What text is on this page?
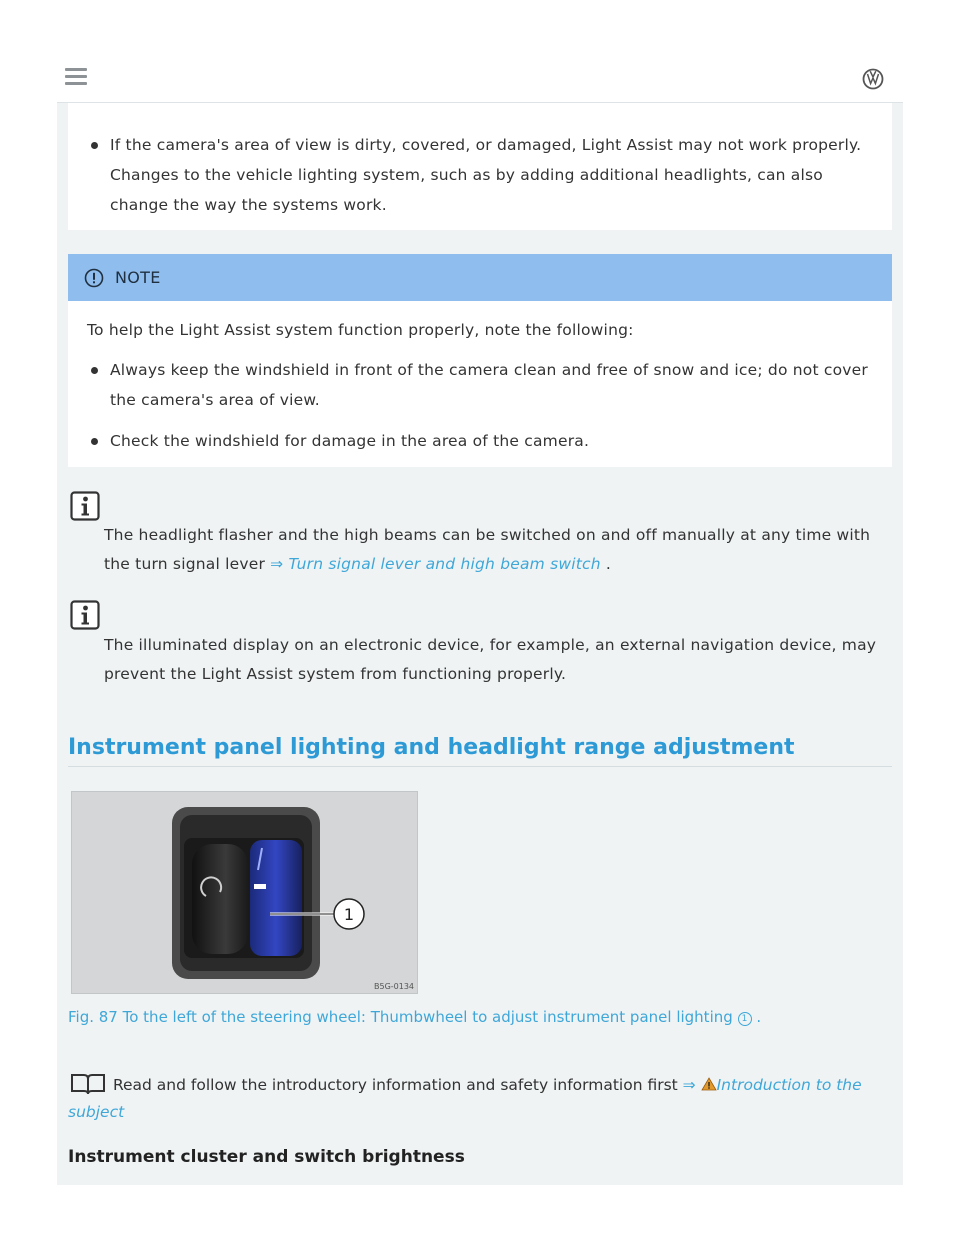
If the camera's area of view is dirty, covered, or damaged, Light Assist may not work properly.
Changes to the vehicle lighting system, such as by adding additional headlights, can also
change the way the systems work.
NOTE
To help the Light Assist system function properly, note the following:
Always keep the windshield in front of the camera clean and free of snow and ice; do not cover
the camera's area of view.
Check the windshield for damage in the area of the camera.
The headlight flasher and the high beams can be switched on and off manually at any time with
the turn signal lever ⇒ Turn signal lever and high beam switch .
The illuminated display on an electronic device, for example, an external navigation device, may
prevent the Light Assist system from functioning properly.
Instrument panel lighting and headlight range adjustment
1
B5G-0134
Fig. 87 To the left of the steering wheel: Thumbwheel to adjust instrument panel lighting 1 .
Read and follow the introductory information and safety information first ⇒ Introduction to the
subject
Instrument cluster and switch brightness
